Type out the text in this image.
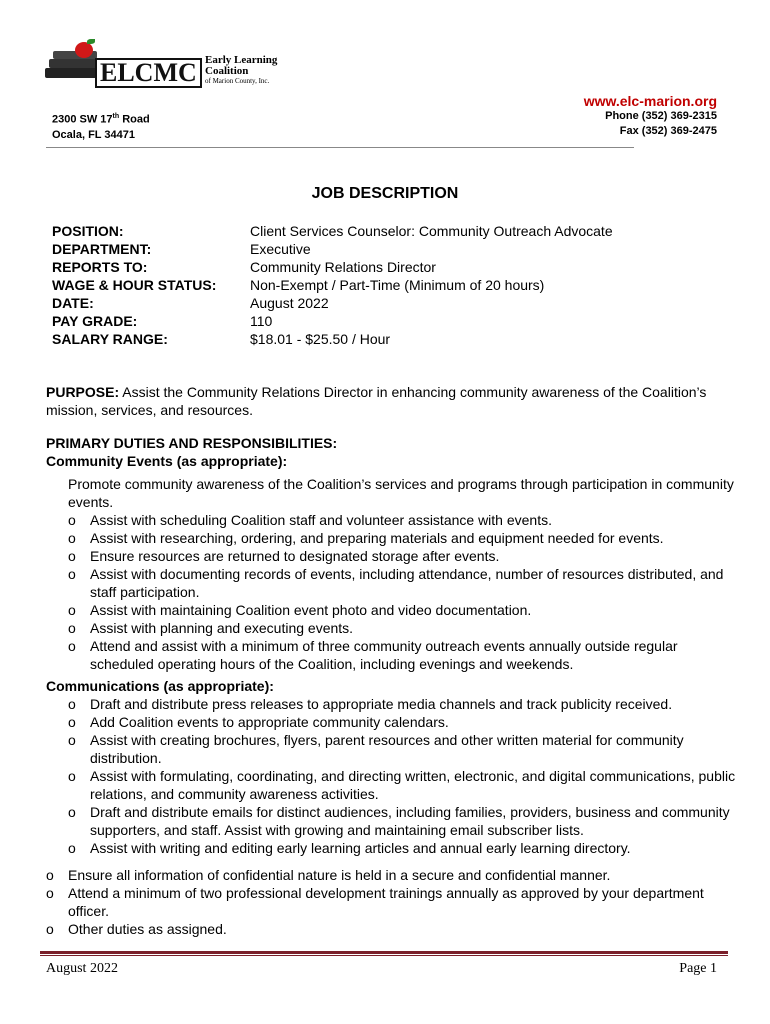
ELCMC Early Learning
Coalition
of Marion County, Inc.
www.elc-marion.org
2300 SW 17th Road
Ocala, FL 34471
Phone (352) 369-2315
Fax (352) 369-2475
JOB DESCRIPTION
POSITION:	Client Services Counselor: Community Outreach Advocate
DEPARTMENT:	Executive
REPORTS TO:	Community Relations Director
WAGE & HOUR STATUS:	Non-Exempt / Part-Time (Minimum of 20 hours)
DATE:	August 2022
PAY GRADE:	110
SALARY RANGE:	$18.01 - $25.50 / Hour
PURPOSE: Assist the Community Relations Director in enhancing community awareness of the Coalition’s mission, services, and resources.
PRIMARY DUTIES AND RESPONSIBILITIES:
Community Events (as appropriate):
Promote community awareness of the Coalition’s services and programs through participation in community events.
o	Assist with scheduling Coalition staff and volunteer assistance with events.
o	Assist with researching, ordering, and preparing materials and equipment needed for events.
o	Ensure resources are returned to designated storage after events.
o	Assist with documenting records of events, including attendance, number of resources distributed, and staff participation.
o	Assist with maintaining Coalition event photo and video documentation.
o	Assist with planning and executing events.
o	Attend and assist with a minimum of three community outreach events annually outside regular scheduled operating hours of the Coalition, including evenings and weekends.
Communications (as appropriate):
o	Draft and distribute press releases to appropriate media channels and track publicity received.
o	Add Coalition events to appropriate community calendars.
o	Assist with creating brochures, flyers, parent resources and other written material for community distribution.
o	Assist with formulating, coordinating, and directing written, electronic, and digital communications, public relations, and community awareness activities.
o	Draft and distribute emails for distinct audiences, including families, providers, business and community supporters, and staff. Assist with growing and maintaining email subscriber lists.
o	Assist with writing and editing early learning articles and annual early learning directory.
o	Ensure all information of confidential nature is held in a secure and confidential manner.
o	Attend a minimum of two professional development trainings annually as approved by your department officer.
o	Other duties as assigned.
August 2022	Page 1
